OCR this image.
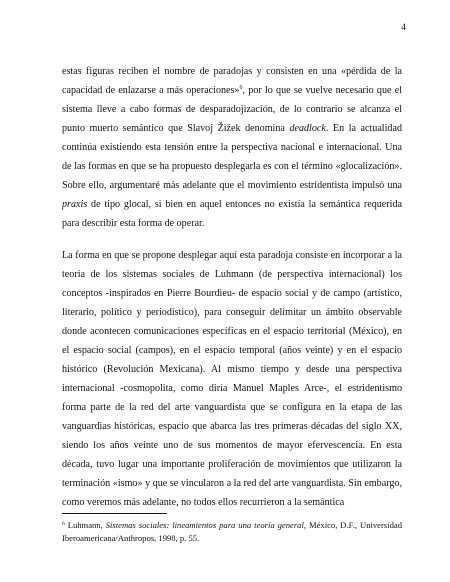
4

estas figuras reciben el nombre de paradojas y consisten en una «pérdida de la capacidad de enlazarse a más operaciones»$^6$, por lo que se vuelve necesario que el sistema lleve a cabo formas de desparadojización, de lo contrario se alcanza el punto muerto semántico que Slavoj Žižek denomina deadlock. En la actualidad continúa existiendo esta tensión entre la perspectiva nacional e internacional. Una de las formas en que se ha propuesto desplegarla es con el término «glocalización». Sobre ello, argumentaré más adelante que el movimiento estridentista impulsó una praxis de tipo glocal, si bien en aquel entonces no existía la semántica requerida para describir esta forma de operar.

La forma en que se propone desplegar aquí esta paradoja consiste en incorporar a la teoría de los sistemas sociales de Luhmann (de perspectiva internacional) los conceptos -inspirados en Pierre Bourdieu- de espacio social y de campo (artístico, literario, político y periodístico), para conseguir delimitar un ámbito observable donde acontecen comunicaciones específicas en el espacio territorial (México), en el espacio social (campos), en el espacio temporal (años veinte) y en el espacio histórico (Revolución Mexicana). Al mismo tiempo y desde una perspectiva internacional -cosmopolita, como diría Manuel Maples Arce-, el estridentismo forma parte de la red del arte vanguardista que se configura en la etapa de las vanguardias históricas, espacio que abarca las tres primeras décadas del siglo XX, siendo los años veinte uno de sus momentos de mayor efervescencia. En esta década, tuvo lugar una importante proliferación de movimientos que utilizaron la terminación «ismo» y que se vincularon a la red del arte vanguardista. Sin embargo, como veremos más adelante, no todos ellos recurrieron a la semántica

$^6$ Luhmann, Sistemas sociales: lineamientos para una teoría general, México, D.F., Universidad Iberoamericana/Anthropos, 1998, p. 55.
